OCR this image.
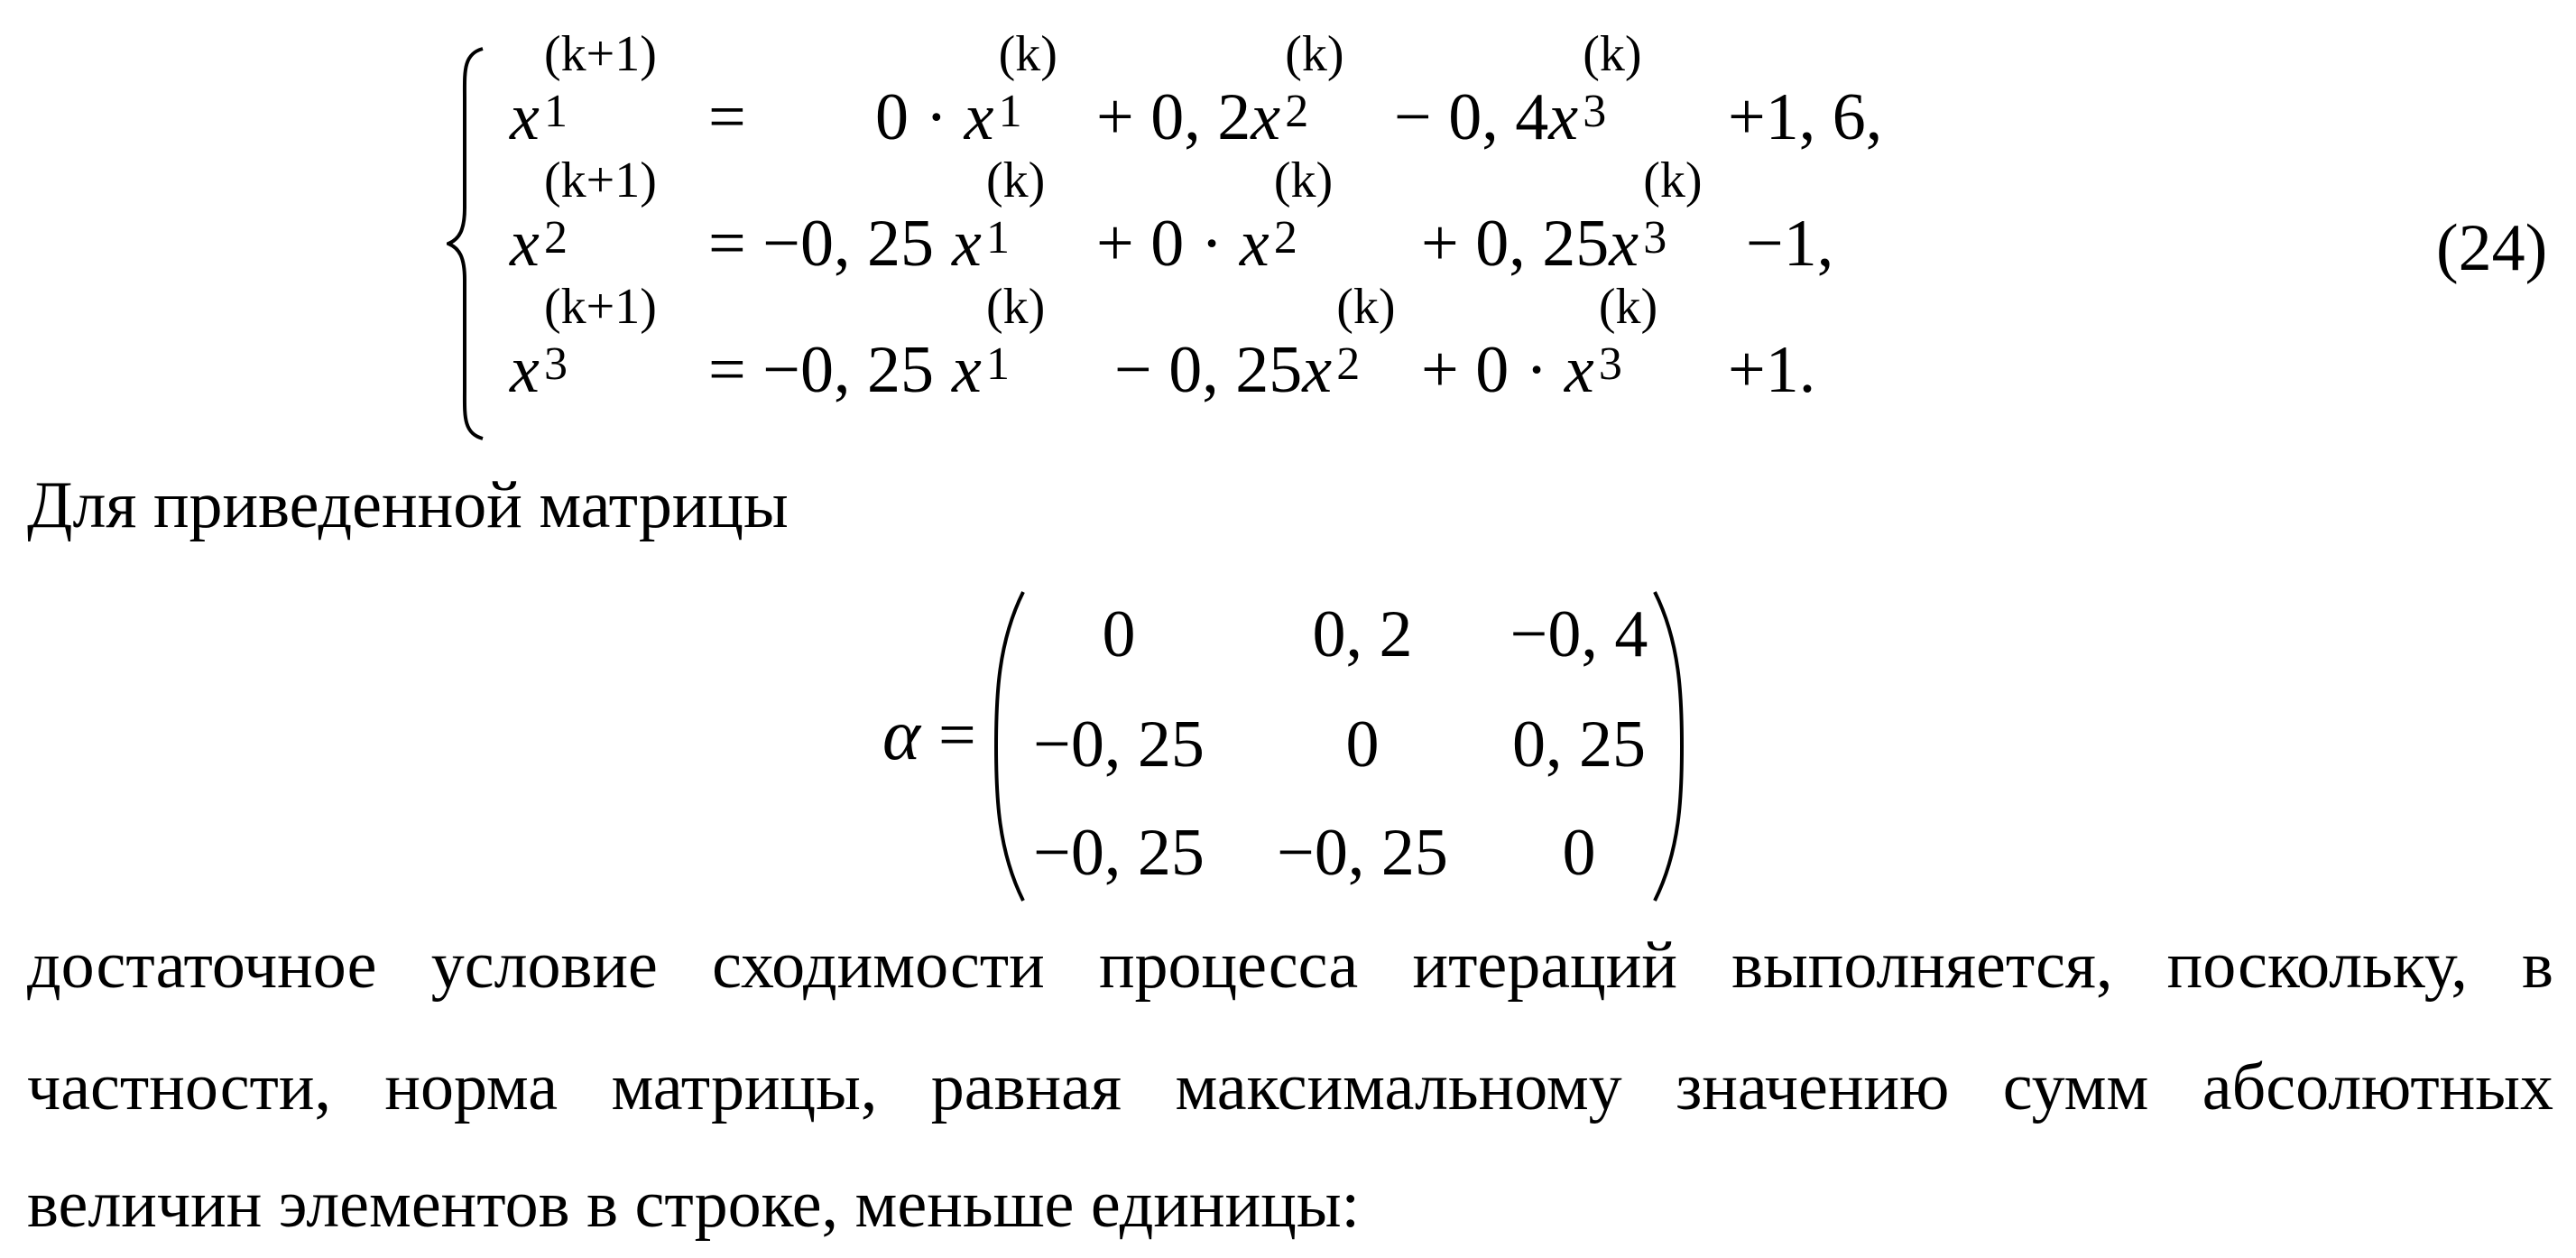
x 1
(k+1)
= 0 · x 1
(k)
+ 0, 2x 2
(k)
− 0, 4x 3
(k)
+1, 6,
x 2
(k+1)
= −0, 25 x 1
(k)
+ 0 · x 2
(k)
+ 0, 25x 3
(k)
−1,
x 3
(k+1)
= −0, 25 x 1
(k)
− 0, 25x 2
(k)
+ 0 · x 3
(k)
+1.
(24)
Для приведенной матрицы
α =
0	0, 2	−0, 4
−0, 25	0	0, 25
−0, 25	−0, 25	0
достаточное условие сходимости процесса итераций выполняется, поскольку, в
частности, норма матрицы, равная максимальному значению сумм абсолютных
величин элементов в строке, меньше единицы:
